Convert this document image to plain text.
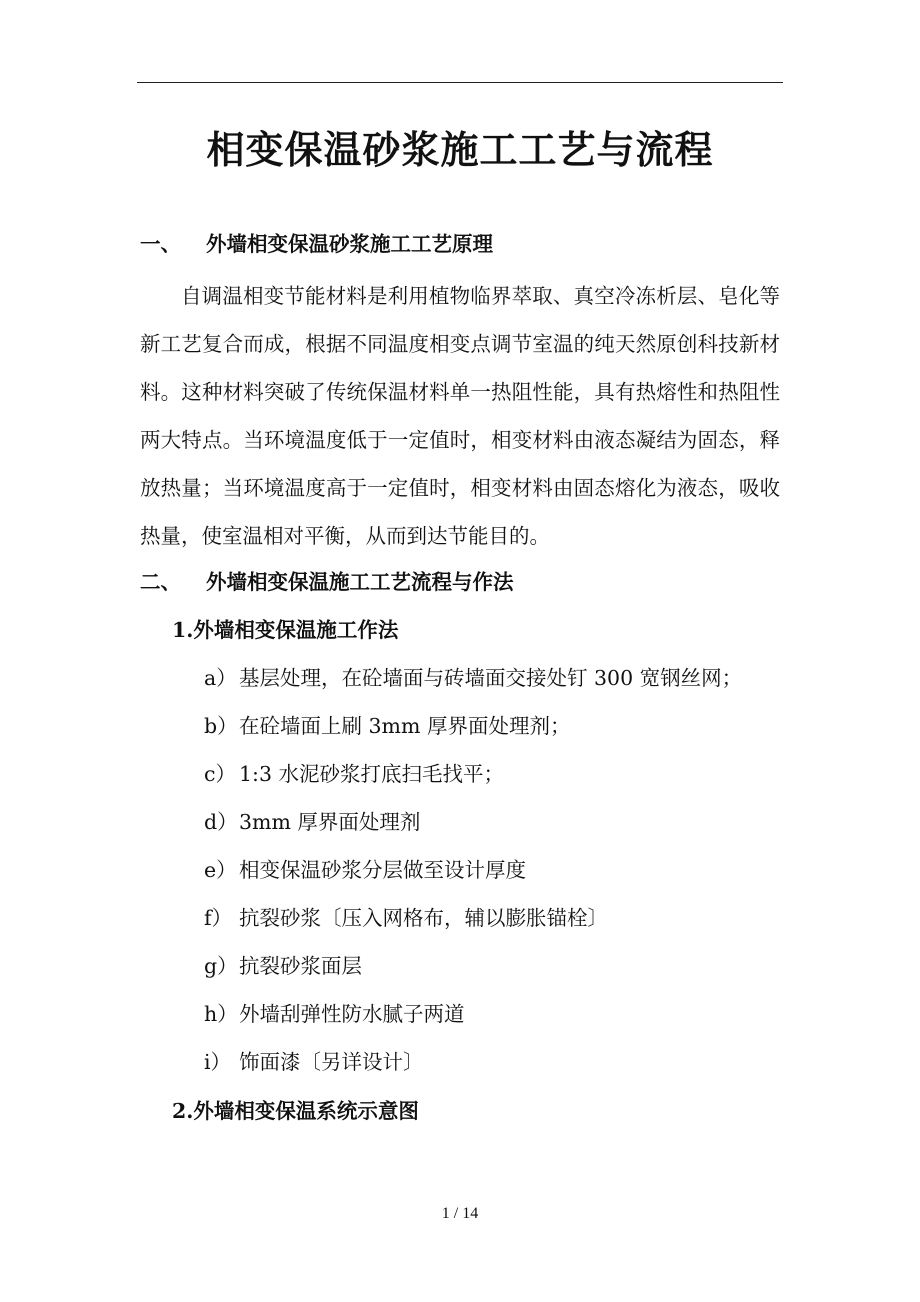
相变保温砂浆施工工艺与流程
一、 外墙相变保温砂浆施工工艺原理
自调温相变节能材料是利用植物临界萃取、真空冷冻析层、皂化等新工艺复合而成，根据不同温度相变点调节室温的纯天然原创科技新材料。这种材料突破了传统保温材料单一热阻性能，具有热熔性和热阻性两大特点。当环境温度低于一定值时，相变材料由液态凝结为固态，释放热量；当环境温度高于一定值时，相变材料由固态熔化为液态，吸收热量，使室温相对平衡，从而到达节能目的。
二、 外墙相变保温施工工艺流程与作法
1.外墙相变保温施工作法
a） 基层处理，在砼墙面与砖墙面交接处钉 300 宽钢丝网；
b）在砼墙面上刷 3mm 厚界面处理剂；
c） 1:3 水泥砂浆打底扫毛找平；
d）3mm 厚界面处理剂
e） 相变保温砂浆分层做至设计厚度
f） 抗裂砂浆〔压入网格布，辅以膨胀锚栓〕
g）抗裂砂浆面层
h）外墙刮弹性防水腻子两道
i） 饰面漆〔另详设计〕
2.外墙相变保温系统示意图
1 / 14
